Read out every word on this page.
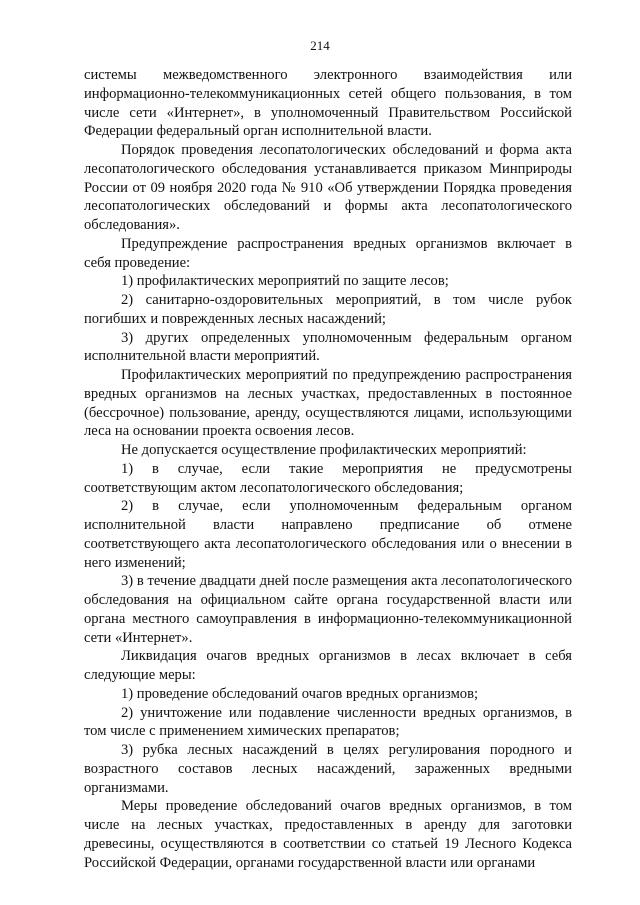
214

системы межведомственного электронного взаимодействия или информационно-телекоммуникационных сетей общего пользования, в том числе сети «Интернет», в уполномоченный Правительством Российской Федерации федеральный орган исполнительной власти.

Порядок проведения лесопатологических обследований и форма акта лесопатологического обследования устанавливается приказом Минприроды России от 09 ноября 2020 года № 910 «Об утверждении Порядка проведения лесопатологических обследований и формы акта лесопатологического обследования».

Предупреждение распространения вредных организмов включает в себя проведение:

1) профилактических мероприятий по защите лесов;

2) санитарно-оздоровительных мероприятий, в том числе рубок погибших и поврежденных лесных насаждений;

3) других определенных уполномоченным федеральным органом исполнительной власти мероприятий.

Профилактических мероприятий по предупреждению распространения вредных организмов на лесных участках, предоставленных в постоянное (бессрочное) пользование, аренду, осуществляются лицами, использующими леса на основании проекта освоения лесов.

Не допускается осуществление профилактических мероприятий:

1) в случае, если такие мероприятия не предусмотрены соответствующим актом лесопатологического обследования;

2) в случае, если уполномоченным федеральным органом исполнительной власти направлено предписание об отмене соответствующего акта лесопатологического обследования или о внесении в него изменений;

3) в течение двадцати дней после размещения акта лесопатологического обследования на официальном сайте органа государственной власти или органа местного самоуправления в информационно-телекоммуникационной сети «Интернет».

Ликвидация очагов вредных организмов в лесах включает в себя следующие меры:

1) проведение обследований очагов вредных организмов;

2) уничтожение или подавление численности вредных организмов, в том числе с применением химических препаратов;

3) рубка лесных насаждений в целях регулирования породного и возрастного составов лесных насаждений, зараженных вредными организмами.

Меры проведение обследований очагов вредных организмов, в том числе на лесных участках, предоставленных в аренду для заготовки древесины, осуществляются в соответствии со статьей 19 Лесного Кодекса Российской Федерации, органами государственной власти или органами
